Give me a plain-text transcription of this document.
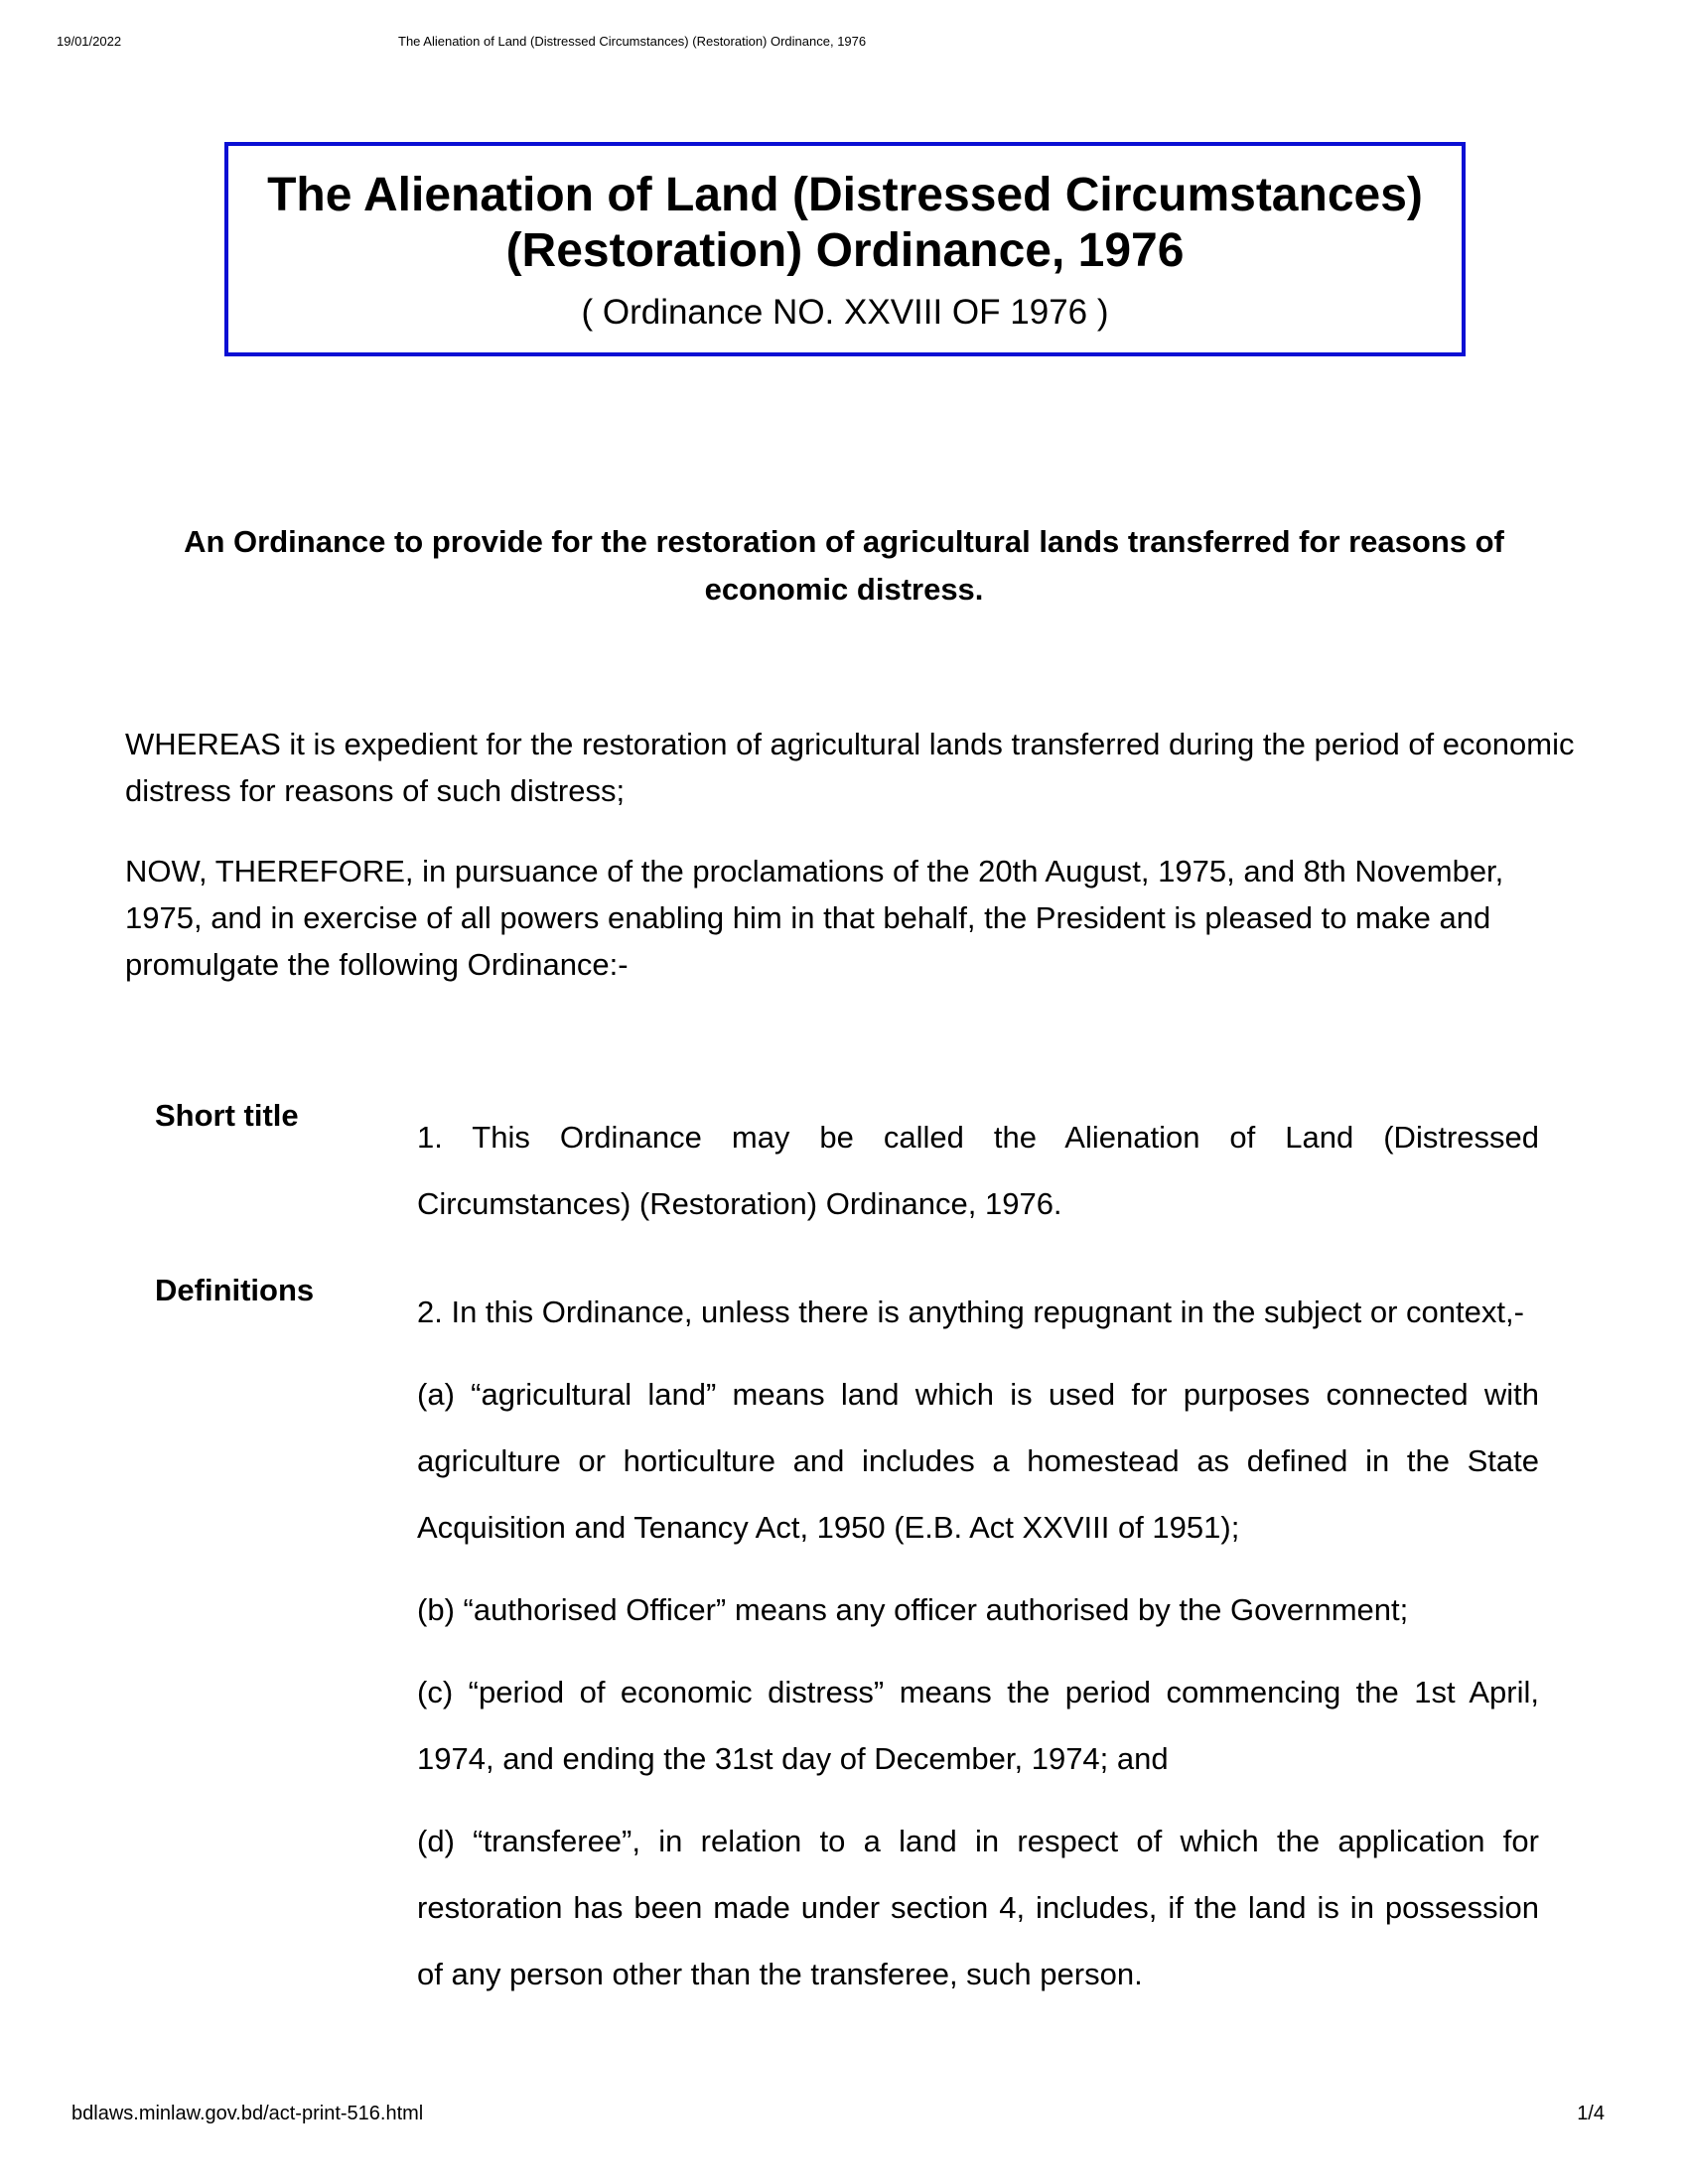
19/01/2022	The Alienation of Land (Distressed Circumstances) (Restoration) Ordinance, 1976
The Alienation of Land (Distressed Circumstances)
(Restoration) Ordinance, 1976
( Ordinance NO. XXVIII OF 1976 )
An Ordinance to provide for the restoration of agricultural lands transferred for reasons of economic distress.

WHEREAS it is expedient for the restoration of agricultural lands transferred during the period of economic distress for reasons of such distress;

NOW, THEREFORE, in pursuance of the proclamations of the 20th August, 1975, and 8th November, 1975, and in exercise of all powers enabling him in that behalf, the President is pleased to make and promulgate the following Ordinance:-

Short title

1. This Ordinance may be called the Alienation of Land (Distressed Circumstances) (Restoration) Ordinance, 1976.

Definitions

2. In this Ordinance, unless there is anything repugnant in the subject or context,-

(a) “agricultural land” means land which is used for purposes connected with agriculture or horticulture and includes a homestead as defined in the State Acquisition and Tenancy Act, 1950 (E.B. Act XXVIII of 1951);

(b) “authorised Officer” means any officer authorised by the Government;

(c) “period of economic distress” means the period commencing the 1st April, 1974, and ending the 31st day of December, 1974; and

(d) “transferee”, in relation to a land in respect of which the application for restoration has been made under section 4, includes, if the land is in possession of any person other than the transferee, such person.

bdlaws.minlaw.gov.bd/act-print-516.html	1/4
